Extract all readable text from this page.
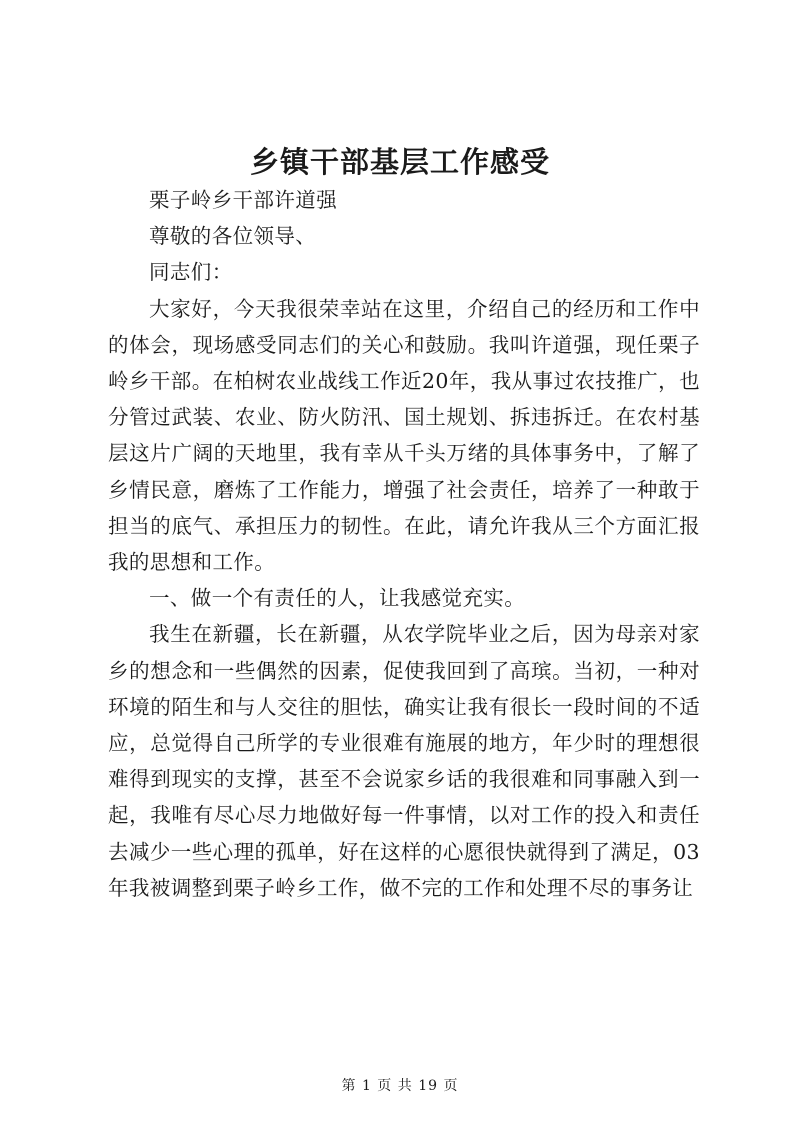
乡镇干部基层工作感受

栗子岭乡干部许道强

尊敬的各位领导、

同志们：

大家好，今天我很荣幸站在这里，介绍自己的经历和工作中的体会，现场感受同志们的关心和鼓励。我叫许道强，现任栗子岭乡干部。在柏树农业战线工作近20年，我从事过农技推广，也分管过武装、农业、防火防汛、国土规划、拆违拆迁。在农村基层这片广阔的天地里，我有幸从千头万绪的具体事务中，了解了乡情民意，磨炼了工作能力，增强了社会责任，培养了一种敢于担当的底气、承担压力的韧性。在此，请允许我从三个方面汇报我的思想和工作。

一、做一个有责任的人，让我感觉充实。

我生在新疆，长在新疆，从农学院毕业之后，因为母亲对家乡的想念和一些偶然的因素，促使我回到了高瑸。当初，一种对环境的陌生和与人交往的胆怯，确实让我有很长一段时间的不适应，总觉得自己所学的专业很难有施展的地方，年少时的理想很难得到现实的支撑，甚至不会说家乡话的我很难和同事融入到一起，我唯有尽心尽力地做好每一件事情，以对工作的投入和责任去减少一些心理的孤单，好在这样的心愿很快就得到了满足，03年我被调整到栗子岭乡工作，做不完的工作和处理不尽的事务让

第 1 页 共 19 页
